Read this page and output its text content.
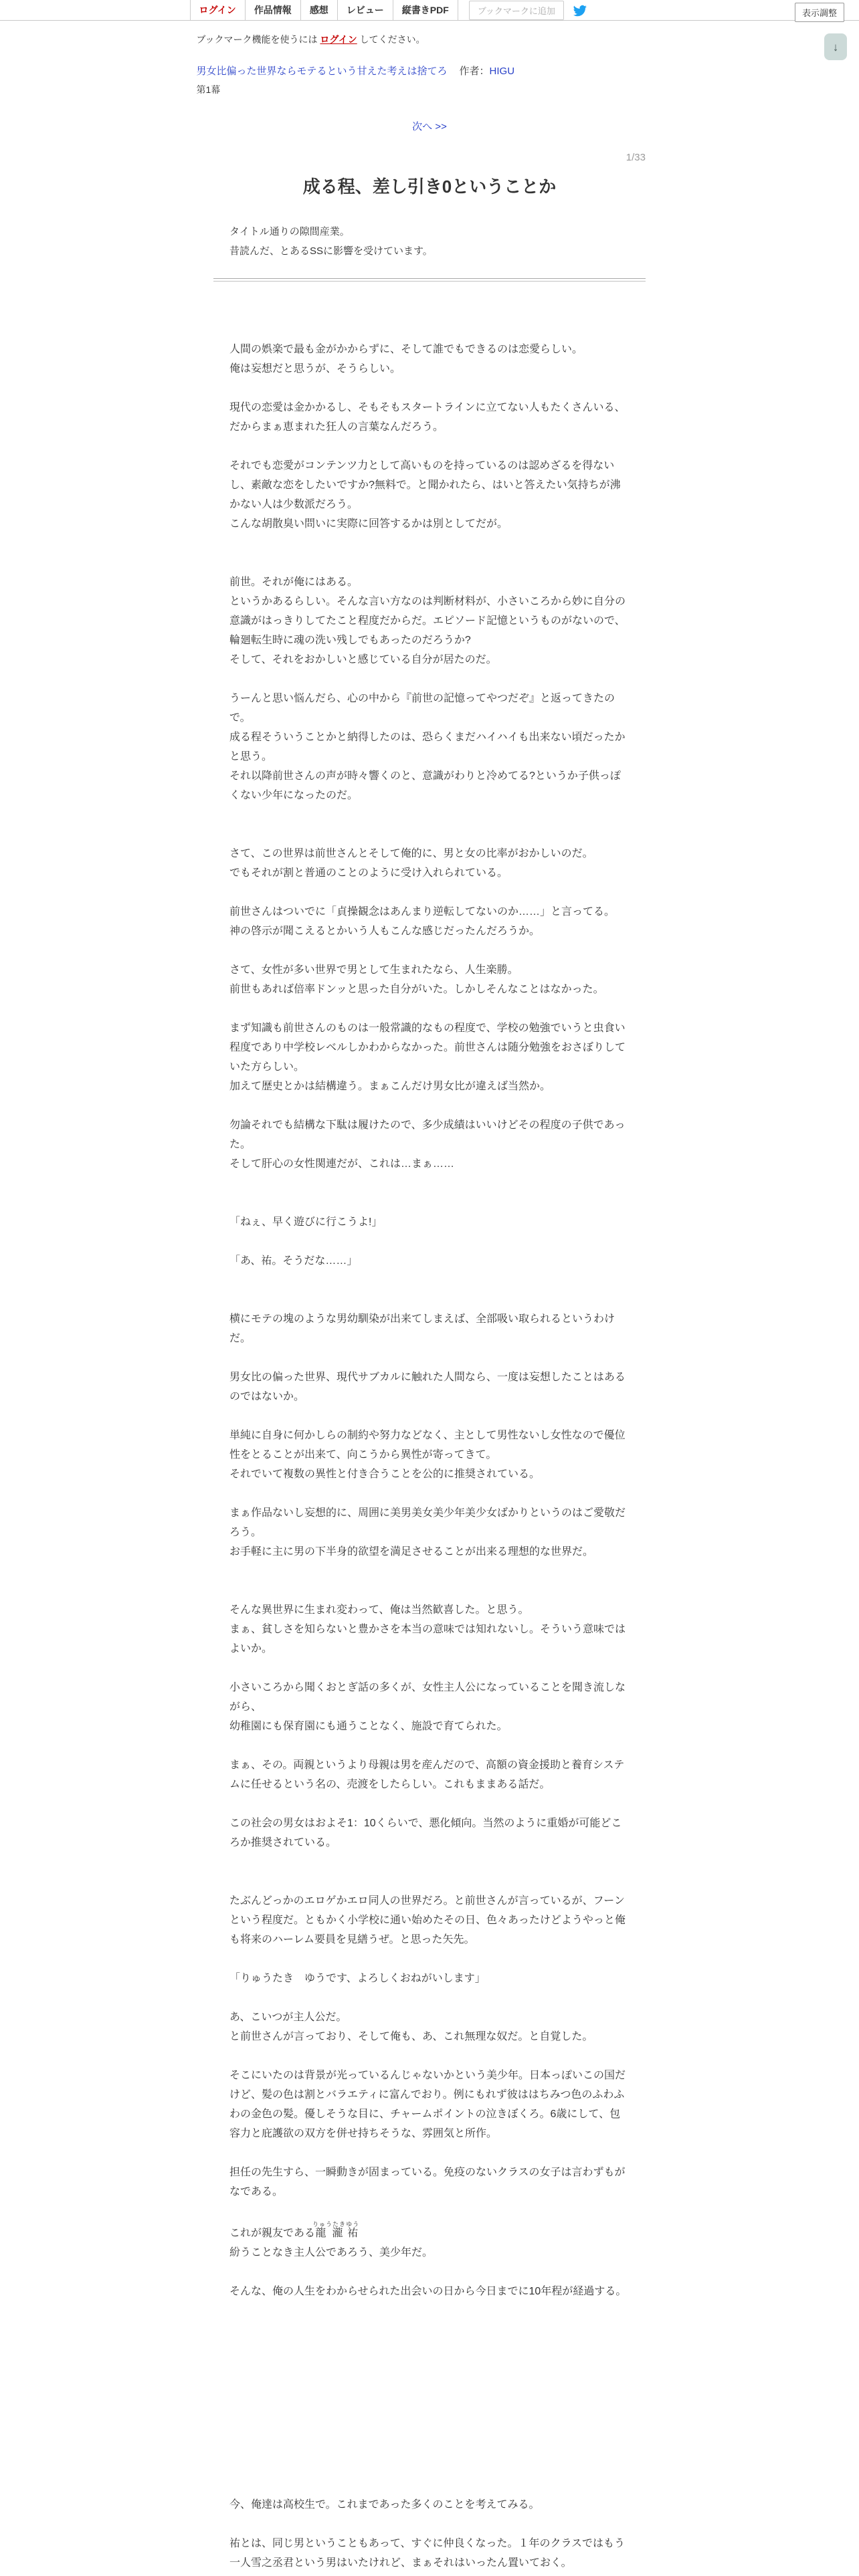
ログイン	作品情報	感想	レビュー	縦書きPDF	ブックマークに追加	表示調整
↓

ブックマーク機能を使うには ログイン してください。

男女比偏った世界ならモテるという甘えた考えは捨てろ 作者：HIGU

第1幕

次へ >>

1/33

成る程、差し引き0ということか

タイトル通りの隙間産業。

昔読んだ、とあるSSに影響を受けています。

人間の娯楽で最も金がかからずに、そして誰でもできるのは恋愛らしい。

俺は妄想だと思うが、そうらしい。

現代の恋愛は金かかるし、そもそもスタートラインに立てない人もたくさんいる、だからまぁ恵まれた狂人の言葉なんだろう。

それでも恋愛がコンテンツ力として高いものを持っているのは認めざるを得ないし、素敵な恋をしたいですか?無料で。と聞かれたら、はいと答えたい気持ちが沸かない人は少数派だろう。

こんな胡散臭い問いに実際に回答するかは別としてだが。

前世。それが俺にはある。

というかあるらしい。そんな言い方なのは判断材料が、小さいころから妙に自分の意識がはっきりしてたこと程度だからだ。エピソード記憶というものがないので、輪廻転生時に魂の洗い残しでもあったのだろうか?

そして、それをおかしいと感じている自分が居たのだ。

うーんと思い悩んだら、心の中から『前世の記憶ってやつだぞ』と返ってきたので。

成る程そういうことかと納得したのは、恐らくまだハイハイも出来ない頃だったかと思う。

それ以降前世さんの声が時々響くのと、意識がわりと冷めてる?というか子供っぽくない少年になったのだ。

さて、この世界は前世さんとそして俺的に、男と女の比率がおかしいのだ。

でもそれが割と普通のことのように受け入れられている。

前世さんはついでに「貞操観念はあんまり逆転してないのか……」と言ってる。

神の啓示が聞こえるとかいう人もこんな感じだったんだろうか。

さて、女性が多い世界で男として生まれたなら、人生楽勝。

前世もあれば倍率ドンッと思った自分がいた。しかしそんなことはなかった。

まず知識も前世さんのものは一般常識的なもの程度で、学校の勉強でいうと虫食い程度であり中学校レベルしかわからなかった。前世さんは随分勉強をおさぼりしていた方らしい。

加えて歴史とかは結構違う。まぁこんだけ男女比が違えば当然か。

勿論それでも結構な下駄は履けたので、多少成績はいいけどその程度の子供であった。

そして肝心の女性関連だが、これは…まぁ……

「ねぇ、早く遊びに行こうよ!」

「あ、祐。そうだな……」

横にモテの塊のような男幼馴染が出来てしまえば、全部吸い取られるというわけだ。

男女比の偏った世界、現代サブカルに触れた人間なら、一度は妄想したことはあるのではないか。

単純に自身に何かしらの制約や努力などなく、主として男性ないし女性なので優位性をとることが出来て、向こうから異性が寄ってきて。

それでいて複数の異性と付き合うことを公的に推奨されている。

まぁ作品ないし妄想的に、周囲に美男美女美少年美少女ばかりというのはご愛敬だろう。

お手軽に主に男の下半身的欲望を満足させることが出来る理想的な世界だ。

そんな異世界に生まれ変わって、俺は当然歓喜した。と思う。

まぁ、貧しさを知らないと豊かさを本当の意味では知れないし。そういう意味ではよいか。

小さいころから聞くおとぎ話の多くが、女性主人公になっていることを聞き流しながら、

幼稚園にも保育園にも通うことなく、施設で育てられた。

まぁ、その。両親というより母親は男を産んだので、高額の資金援助と養育システムに任せるという名の、売渡をしたらしい。これもままある話だ。

この社会の男女はおよそ1：10くらいで、悪化傾向。当然のように重婚が可能どころか推奨されている。

たぶんどっかのエロゲかエロ同人の世界だろ。と前世さんが言っているが、フーンという程度だ。ともかく小学校に通い始めたその日、色々あったけどようやっと俺も将来のハーレム要員を見繕うぜ。と思った矢先。

「りゅうたき　ゆうです、よろしくおねがいします」

あ、こいつが主人公だ。

と前世さんが言っており、そして俺も、あ、これ無理な奴だ。と自覚した。

そこにいたのは背景が光っているんじゃないかという美少年。日本っぽいこの国だけど、髪の色は割とバラエティに富んでおり。例にもれず彼ははちみつ色のふわふわの金色の髪。優しそうな目に、チャームポイントの泣きぼくろ。6歳にして、包容力と庇護欲の双方を併せ持ちそうな、雰囲気と所作。

担任の先生すら、一瞬動きが固まっている。免疫のないクラスの女子は言わずもがなである。

これが親友である龍瀧りゅうたき 祐ゆう

紛うことなき主人公であろう、美少年だ。

そんな、俺の人生をわからせられた出会いの日から今日までに10年程が経過する。

今、俺達は高校生で。これまであった多くのことを考えてみる。

祐とは、同じ男ということもあって、すぐに仲良くなった。１年のクラスではもう一人雪之丞君という男はいたけれど、まぁそれはいったん置いておく。
